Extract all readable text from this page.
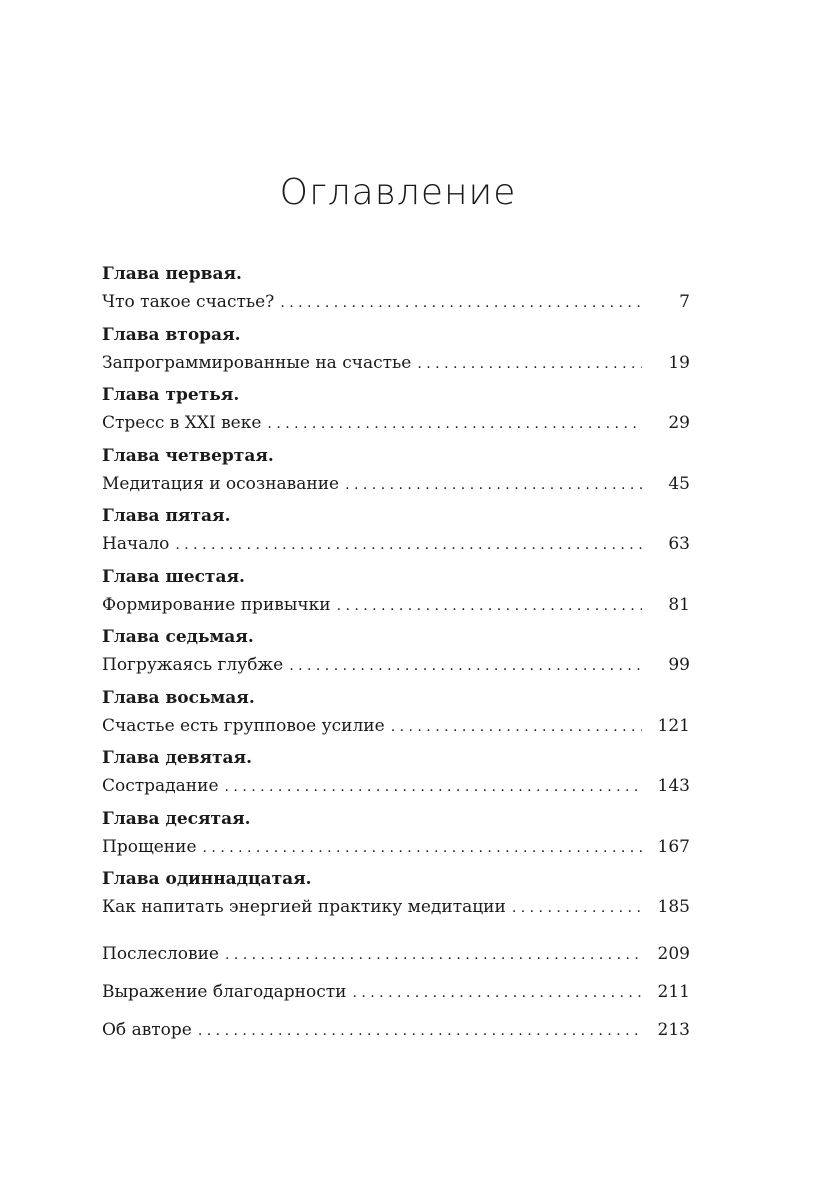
Оглавление
Глава первая.
Что такое счастье? . . .	7
Глава вторая.
Запрограммированные на счастье . . .	19
Глава третья.
Стресс в XXI веке . . .	29
Глава четвертая.
Медитация и осознавание . . .	45
Глава пятая.
Начало . . .	63
Глава шестая.
Формирование привычки . . .	81
Глава седьмая.
Погружаясь глубже . . .	99
Глава восьмая.
Счастье есть групповое усилие . . .	121
Глава девятая.
Сострадание . . .	143
Глава десятая.
Прощение . . .	167
Глава одиннадцатая.
Как напитать энергией практику медитации . . .	185
Послесловие . . .	209
Выражение благодарности . . .	211
Об авторе . . .	213
